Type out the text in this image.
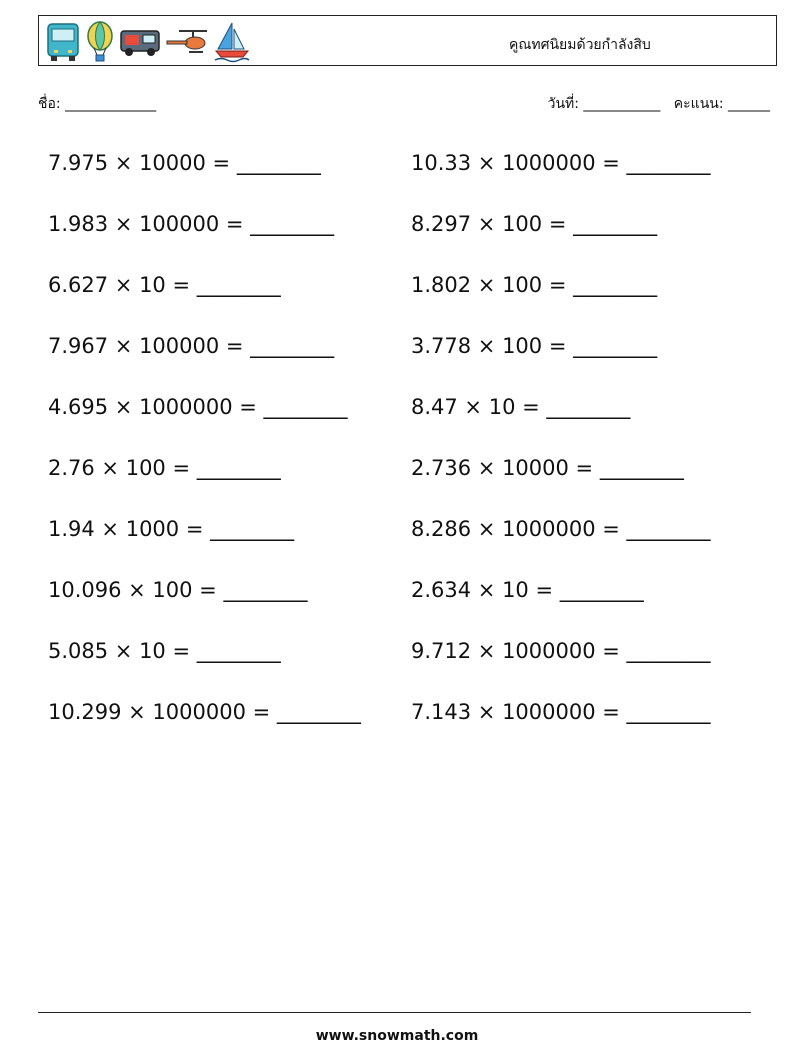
คูณทศนิยมด้วยกำลังสิบ
ชื่อ: _____________	วันที่: ___________ คะแนน: ______
7.975 × 10000 = ________	10.33 × 1000000 = ________
1.983 × 100000 = ________	8.297 × 100 = ________
6.627 × 10 = ________	1.802 × 100 = ________
7.967 × 100000 = ________	3.778 × 100 = ________
4.695 × 1000000 = ________	8.47 × 10 = ________
2.76 × 100 = ________	2.736 × 10000 = ________
1.94 × 1000 = ________	8.286 × 1000000 = ________
10.096 × 100 = ________	2.634 × 10 = ________
5.085 × 10 = ________	9.712 × 1000000 = ________
10.299 × 1000000 = ________	7.143 × 1000000 = ________
www.snowmath.com
